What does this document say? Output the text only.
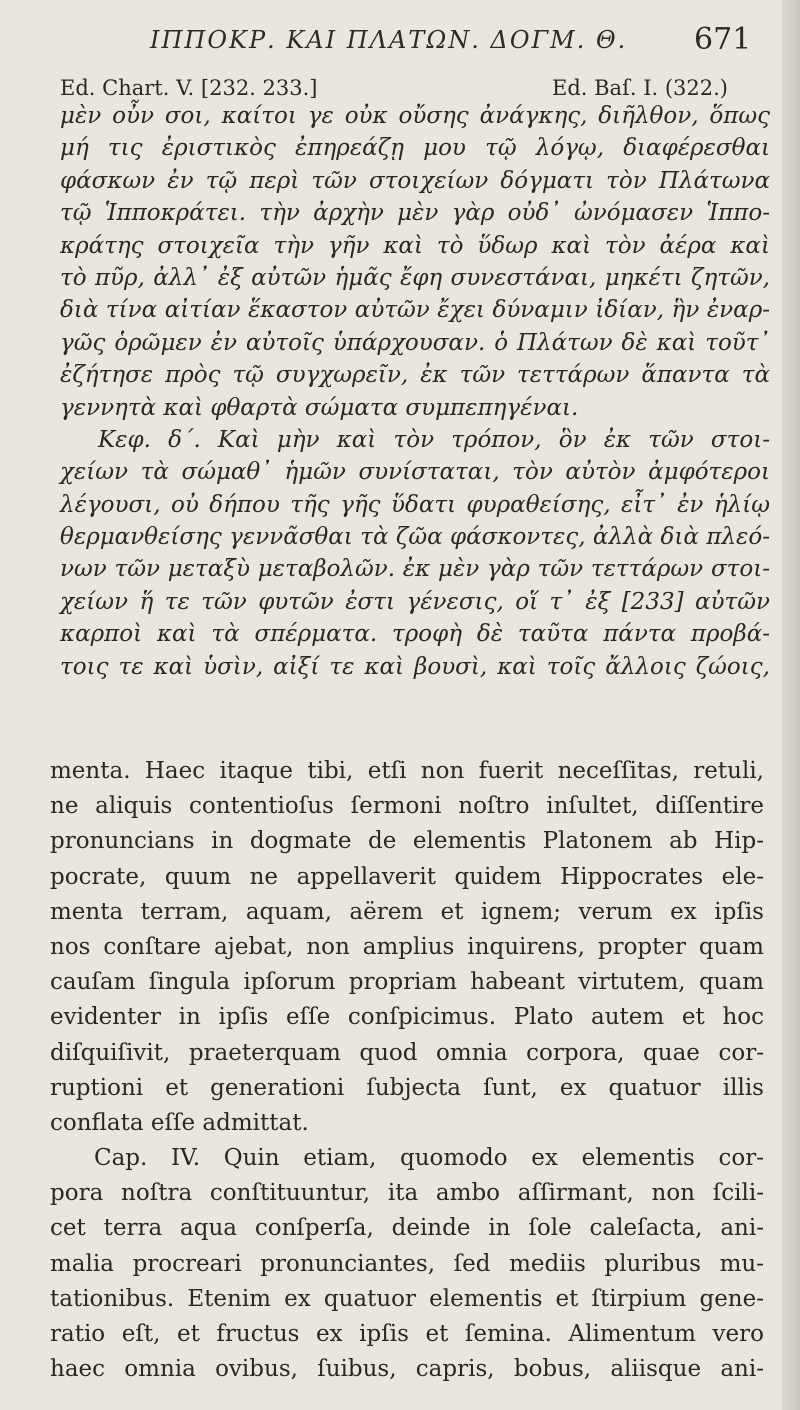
ΙΠΠΟΚΡ. ΚΑΙ ΠΛΑΤΩΝ. ΔΟΓΜ. Θ. 671
Ed. Chart. V. [232. 233.]	Ed. Baſ. I. (322.)
μὲν οὖν σοι, καίτοι γε οὐκ οὔσης ἀνάγκης, διῆλθον, ὅπως
μή τις ἐριστικὸς ἐπηρεάζῃ μου τῷ λόγῳ, διαφέρεσθαι
φάσκων ἐν τῷ περὶ τῶν στοιχείων δόγματι τὸν Πλάτωνα
τῷ Ἱπποκράτει. τὴν ἀρχὴν μὲν γὰρ οὐδ᾽ ὠνόμασεν Ἱππο-
κράτης στοιχεῖα τὴν γῆν καὶ τὸ ὕδωρ καὶ τὸν ἀέρα καὶ
τὸ πῦρ, ἀλλ᾽ ἐξ αὐτῶν ἡμᾶς ἔφη συνεστάναι, μηκέτι ζητῶν,
διὰ τίνα αἰτίαν ἕκαστον αὐτῶν ἔχει δύναμιν ἰδίαν, ἣν ἐναρ-
γῶς ὁρῶμεν ἐν αὐτοῖς ὑπάρχουσαν. ὁ Πλάτων δὲ καὶ τοῦτ᾽
ἐζήτησε πρὸς τῷ συγχωρεῖν, ἐκ τῶν τεττάρων ἅπαντα τὰ
γεννητὰ καὶ φθαρτὰ σώματα συμπεπηγέναι.
Κεφ. δ΄. Καὶ μὴν καὶ τὸν τρόπον, ὃν ἐκ τῶν στοι-
χείων τὰ σώμαθ᾽ ἡμῶν συνίσταται, τὸν αὐτὸν ἀμφότεροι
λέγουσι, οὐ δήπου τῆς γῆς ὕδατι φυραθείσης, εἶτ᾽ ἐν ἡλίῳ
θερμανθείσης γεννᾶσθαι τὰ ζῶα φάσκοντες, ἀλλὰ διὰ πλεό-
νων τῶν μεταξὺ μεταβολῶν. ἐκ μὲν γὰρ τῶν τεττάρων στοι-
χείων ἥ τε τῶν φυτῶν ἐστι γένεσις, οἵ τ᾽ ἐξ [233] αὐτῶν
καρποὶ καὶ τὰ σπέρματα. τροφὴ δὲ ταῦτα πάντα προβά-
τοις τε καὶ ὑσὶν, αἰξί τε καὶ βουσὶ, καὶ τοῖς ἄλλοις ζώοις,
menta. Haec itaque tibi, etſi non fuerit neceſſitas, retuli,
ne aliquis contentioſus ſermoni noſtro inſultet, diſſentire
pronuncians in dogmate de elementis Platonem ab Hip-
pocrate, quum ne appellaverit quidem Hippocrates ele-
menta terram, aquam, aërem et ignem; verum ex ipſis
nos conſtare ajebat, non amplius inquirens, propter quam
cauſam ſingula ipſorum propriam habeant virtutem, quam
evidenter in ipſis eſſe conſpicimus. Plato autem et hoc
diſquiſivit, praeterquam quod omnia corpora, quae cor-
ruptioni et generationi ſubjecta ſunt, ex quatuor illis
conflata eſſe admittat.
Cap. IV. Quin etiam, quomodo ex elementis cor-
pora noſtra conſtituuntur, ita ambo aſſirmant, non ſcili-
cet terra aqua conſperſa, deinde in ſole caleſacta, ani-
malia procreari pronunciantes, ſed mediis pluribus mu-
tationibus. Etenim ex quatuor elementis et ſtirpium gene-
ratio eſt, et fructus ex ipſis et ſemina. Alimentum vero
haec omnia ovibus, ſuibus, capris, bobus, aliisque ani-
